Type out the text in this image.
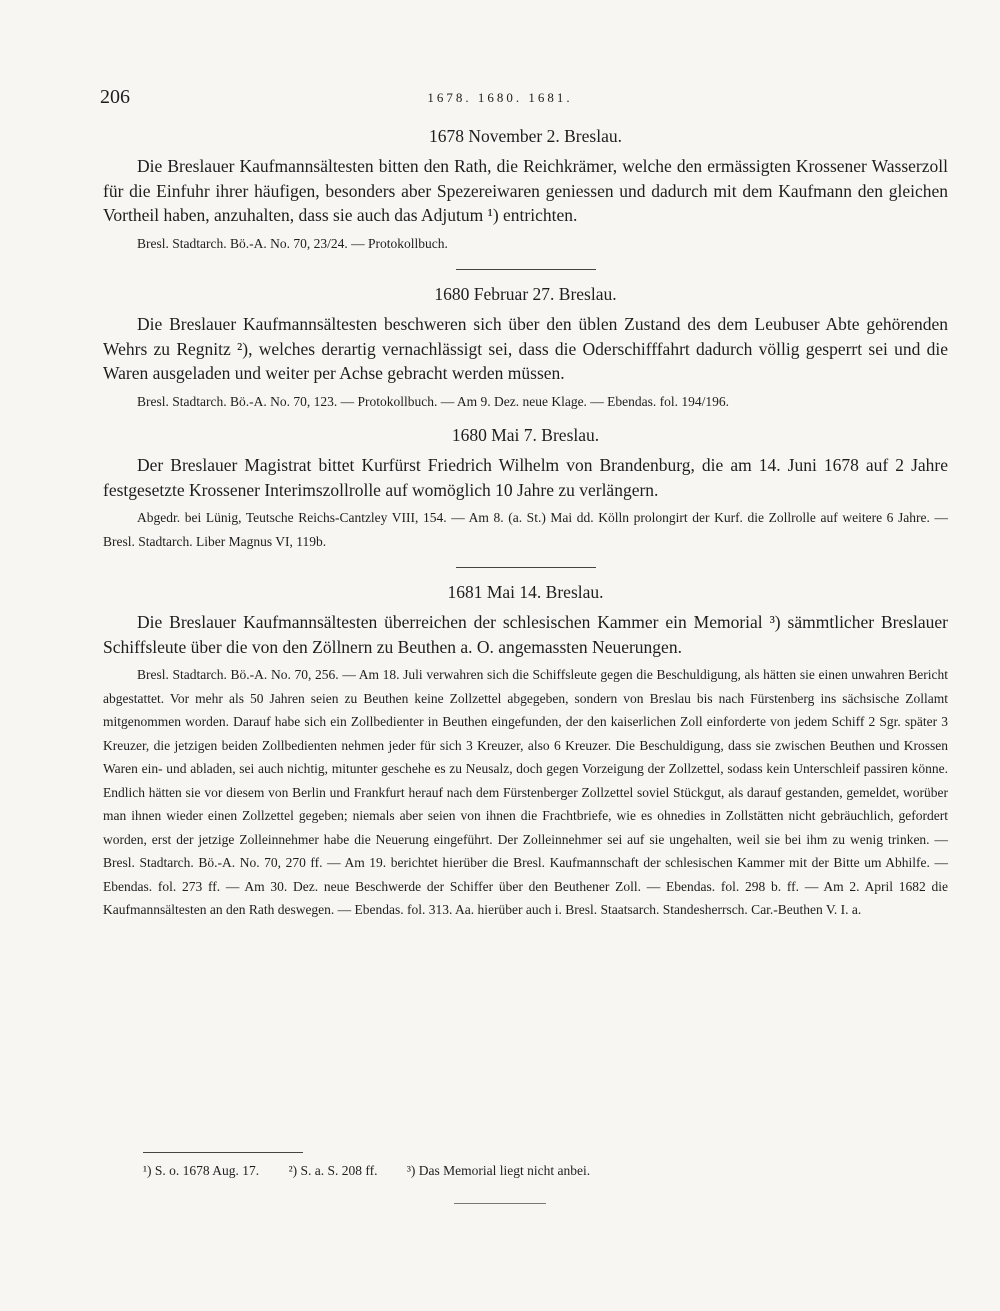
206	1678. 1680. 1681.
1678 November 2. Breslau.

Die Breslauer Kaufmannsältesten bitten den Rath, die Reichkrämer, welche den ermässigten Krossener Wasserzoll für die Einfuhr ihrer häufigen, besonders aber Spezereiwaren geniessen und dadurch mit dem Kaufmann den gleichen Vortheil haben, anzuhalten, dass sie auch das Adjutum ¹) entrichten.

Bresl. Stadtarch. Bö.-A. No. 70, 23/24. — Protokollbuch.

1680 Februar 27. Breslau.

Die Breslauer Kaufmannsältesten beschweren sich über den üblen Zustand des dem Leubuser Abte gehörenden Wehrs zu Regnitz ²), welches derartig vernachlässigt sei, dass die Oderschifffahrt dadurch völlig gesperrt sei und die Waren ausgeladen und weiter per Achse gebracht werden müssen.

Bresl. Stadtarch. Bö.-A. No. 70, 123. — Protokollbuch. — Am 9. Dez. neue Klage. — Ebendas. fol. 194/196.

1680 Mai 7. Breslau.

Der Breslauer Magistrat bittet Kurfürst Friedrich Wilhelm von Brandenburg, die am 14. Juni 1678 auf 2 Jahre festgesetzte Krossener Interimszollrolle auf womöglich 10 Jahre zu verlängern.

Abgedr. bei Lünig, Teutsche Reichs-Cantzley VIII, 154. — Am 8. (a. St.) Mai dd. Kölln prolongirt der Kurf. die Zollrolle auf weitere 6 Jahre. — Bresl. Stadtarch. Liber Magnus VI, 119b.

1681 Mai 14. Breslau.

Die Breslauer Kaufmannsältesten überreichen der schlesischen Kammer ein Memorial ³) sämmtlicher Breslauer Schiffsleute über die von den Zöllnern zu Beuthen a. O. angemassten Neuerungen.

Bresl. Stadtarch. Bö.-A. No. 70, 256. — Am 18. Juli verwahren sich die Schiffsleute gegen die Beschuldigung, als hätten sie einen unwahren Bericht abgestattet. Vor mehr als 50 Jahren seien zu Beuthen keine Zollzettel abgegeben, sondern von Breslau bis nach Fürstenberg ins sächsische Zollamt mitgenommen worden. Darauf habe sich ein Zollbedienter in Beuthen eingefunden, der den kaiserlichen Zoll einforderte von jedem Schiff 2 Sgr. später 3 Kreuzer, die jetzigen beiden Zollbedienten nehmen jeder für sich 3 Kreuzer, also 6 Kreuzer. Die Beschuldigung, dass sie zwischen Beuthen und Krossen Waren ein- und abladen, sei auch nichtig, mitunter geschehe es zu Neusalz, doch gegen Vorzeigung der Zollzettel, sodass kein Unterschleif passiren könne. Endlich hätten sie vor diesem von Berlin und Frankfurt herauf nach dem Fürstenberger Zollzettel soviel Stückgut, als darauf gestanden, gemeldet, worüber man ihnen wieder einen Zollzettel gegeben; niemals aber seien von ihnen die Frachtbriefe, wie es ohnedies in Zollstätten nicht gebräuchlich, gefordert worden, erst der jetzige Zolleinnehmer habe die Neuerung eingeführt. Der Zolleinnehmer sei auf sie ungehalten, weil sie bei ihm zu wenig trinken. — Bresl. Stadtarch. Bö.-A. No. 70, 270 ff. — Am 19. berichtet hierüber die Bresl. Kaufmannschaft der schlesischen Kammer mit der Bitte um Abhilfe. — Ebendas. fol. 273 ff. — Am 30. Dez. neue Beschwerde der Schiffer über den Beuthener Zoll. — Ebendas. fol. 298 b. ff. — Am 2. April 1682 die Kaufmannsältesten an den Rath deswegen. — Ebendas. fol. 313. Aa. hierüber auch i. Bresl. Staatsarch. Standesherrsch. Car.-Beuthen V. I. a.

¹) S. o. 1678 Aug. 17. ²) S. a. S. 208 ff. ³) Das Memorial liegt nicht anbei.
